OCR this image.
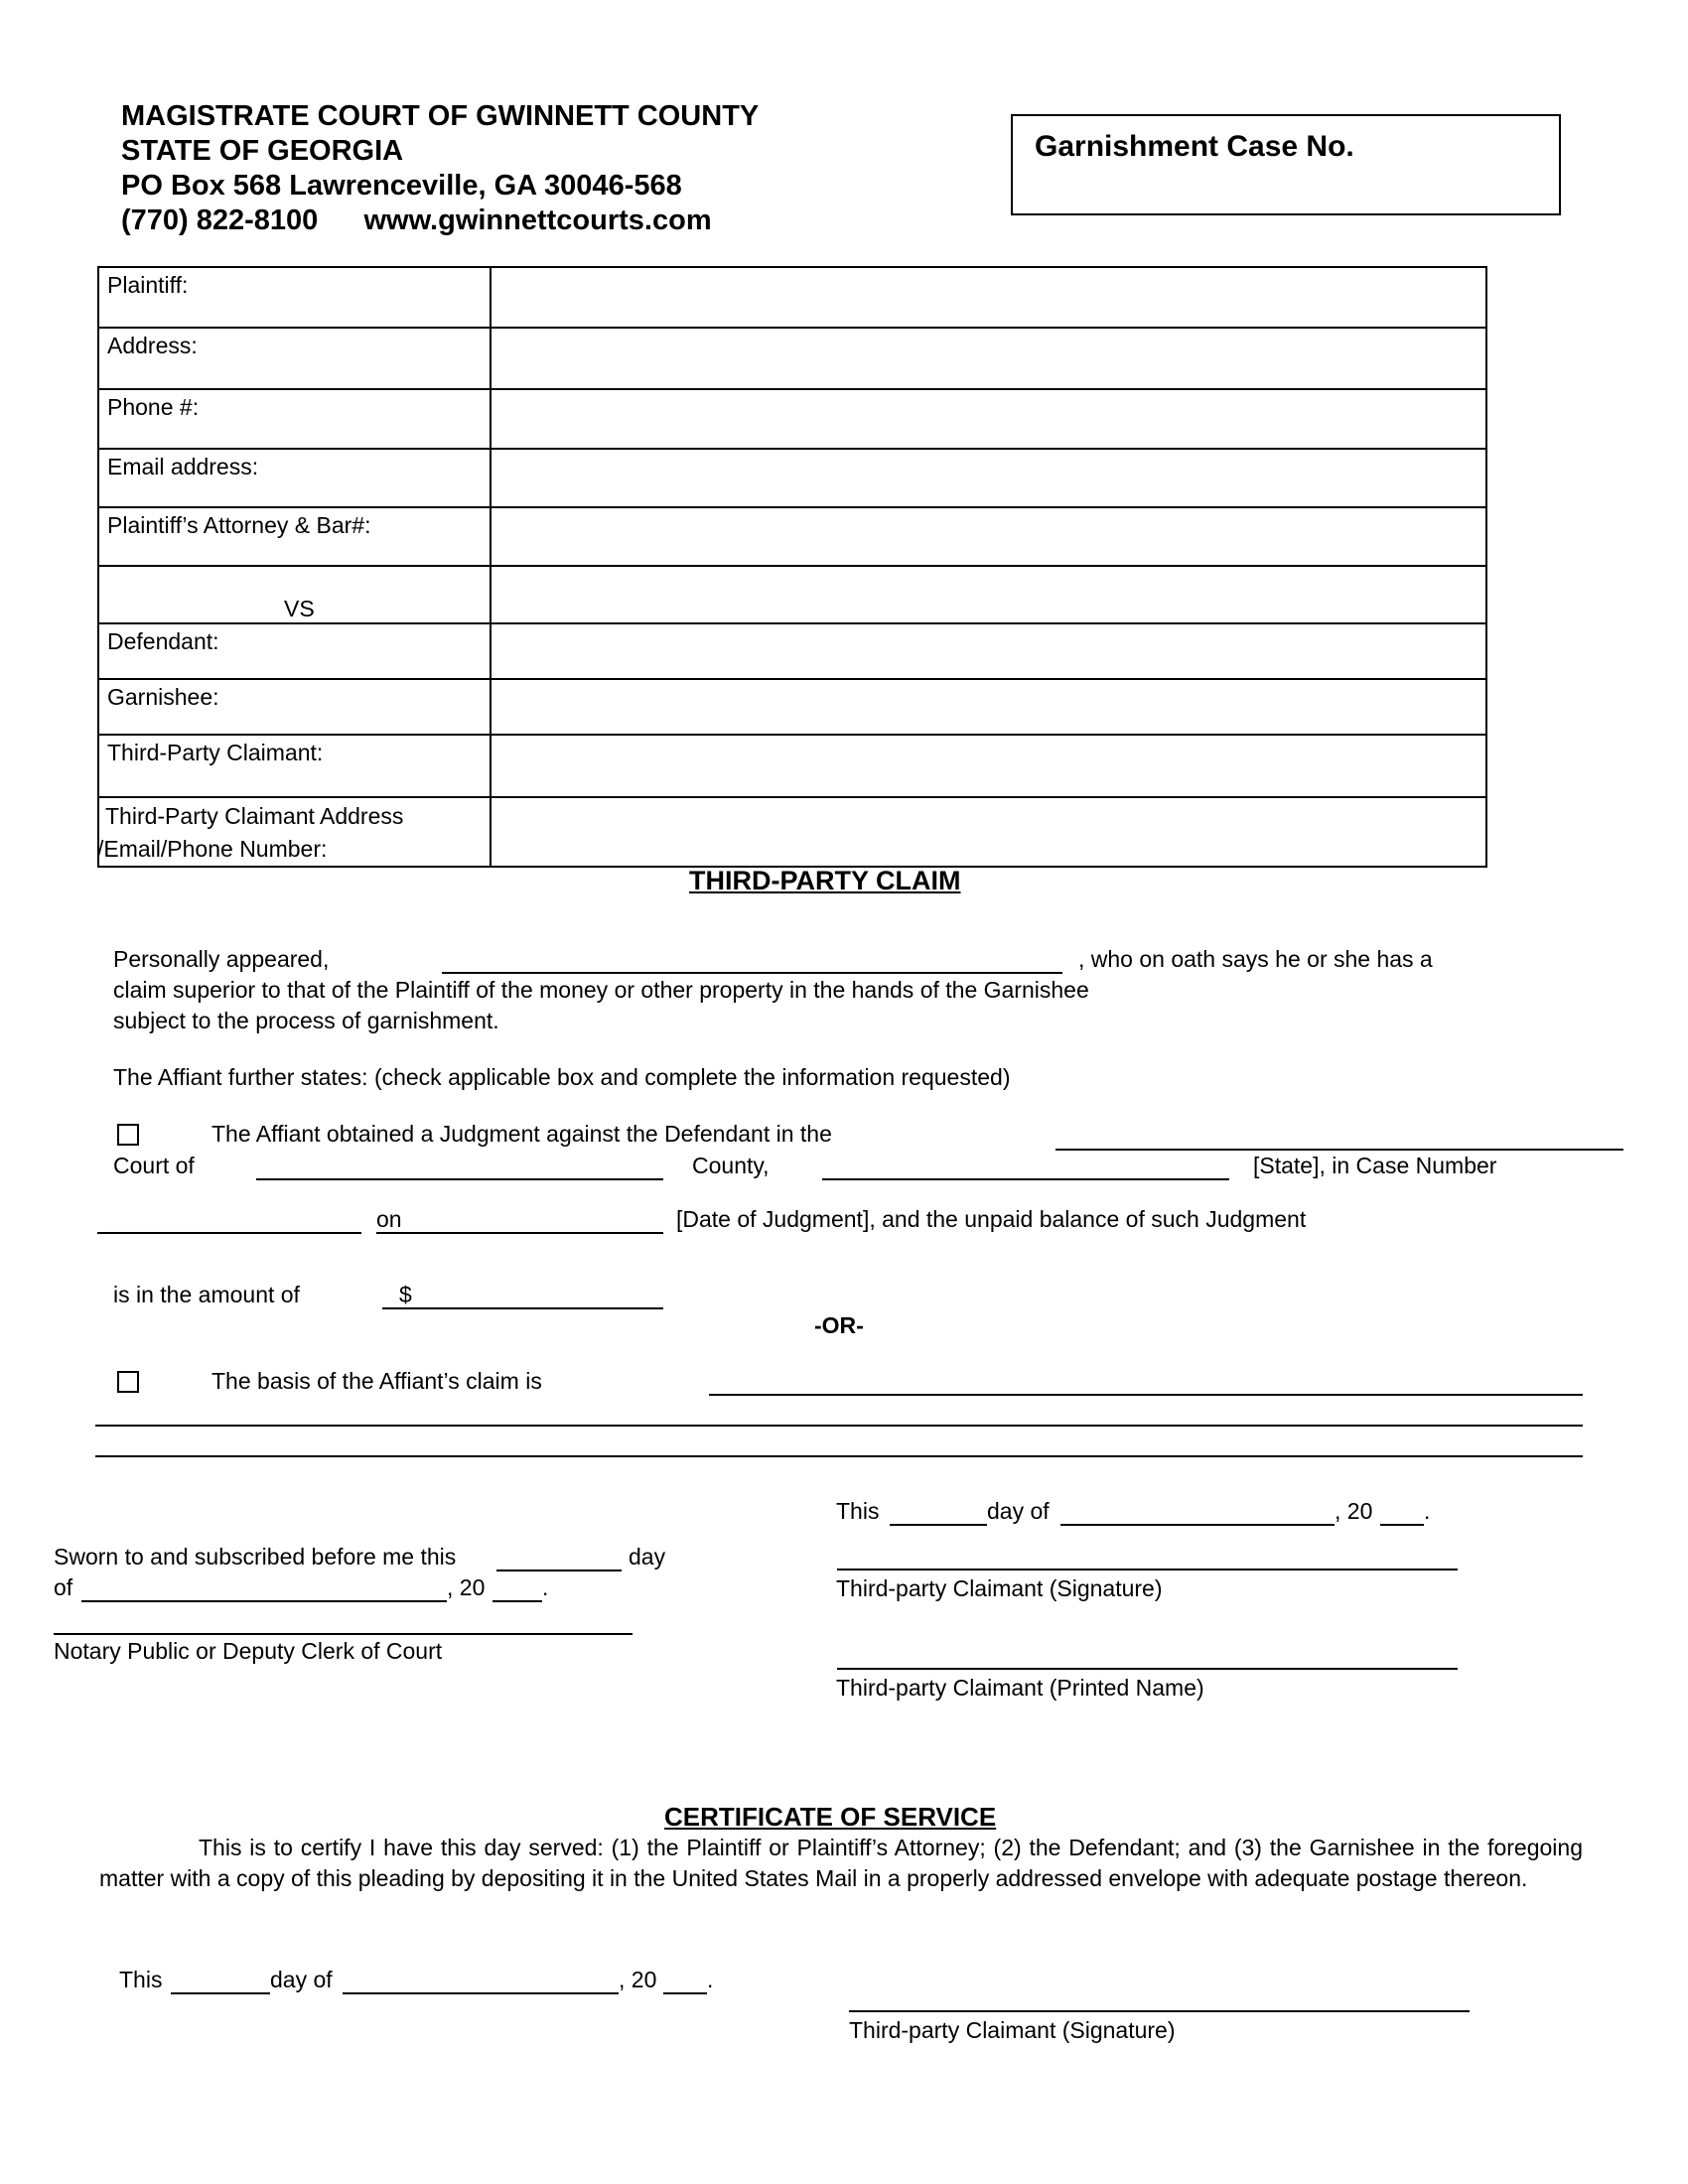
MAGISTRATE COURT OF GWINNETT COUNTY
STATE OF GEORGIA
PO Box 568 Lawrenceville, GA 30046-568
(770) 822-8100 www.gwinnettcourts.com
Garnishment Case No.
Plaintiff:	
Address:	
Phone #:	
Email address:	
Plaintiff’s Attorney & Bar#:	
VS	
Defendant:	
Garnishee:	
Third-Party Claimant:	

Third-Party Claimant Address
/Email/Phone Number:	

THIRD-PARTY CLAIM
Personally appeared,	, who on oath says he or she has a
claim superior to that of the Plaintiff of the money or other property in the hands of the Garnishee
subject to the process of garnishment.
The Affiant further states: (check applicable box and complete the information requested)
The Affiant obtained a Judgment against the Defendant in the
Court of	County,	[State], in Case Number
on	[Date of Judgment], and the unpaid balance of such Judgment
is in the amount of	$
-OR-
The basis of the Affiant’s claim is
This	day of	, 20 .
Sworn to and subscribed before me this	day
of	, 20	.	Third-party Claimant (Signature)
Notary Public or Deputy Clerk of Court
Third-party Claimant (Printed Name)
CERTIFICATE OF SERVICE
This is to certify I have this day served: (1) the Plaintiff or Plaintiff’s Attorney; (2) the Defendant; and (3) the Garnishee in the foregoing matter with a copy of this pleading by depositing it in the United States Mail in a properly addressed envelope with adequate postage thereon.
This	day of	, 20 .
Third-party Claimant (Signature)
